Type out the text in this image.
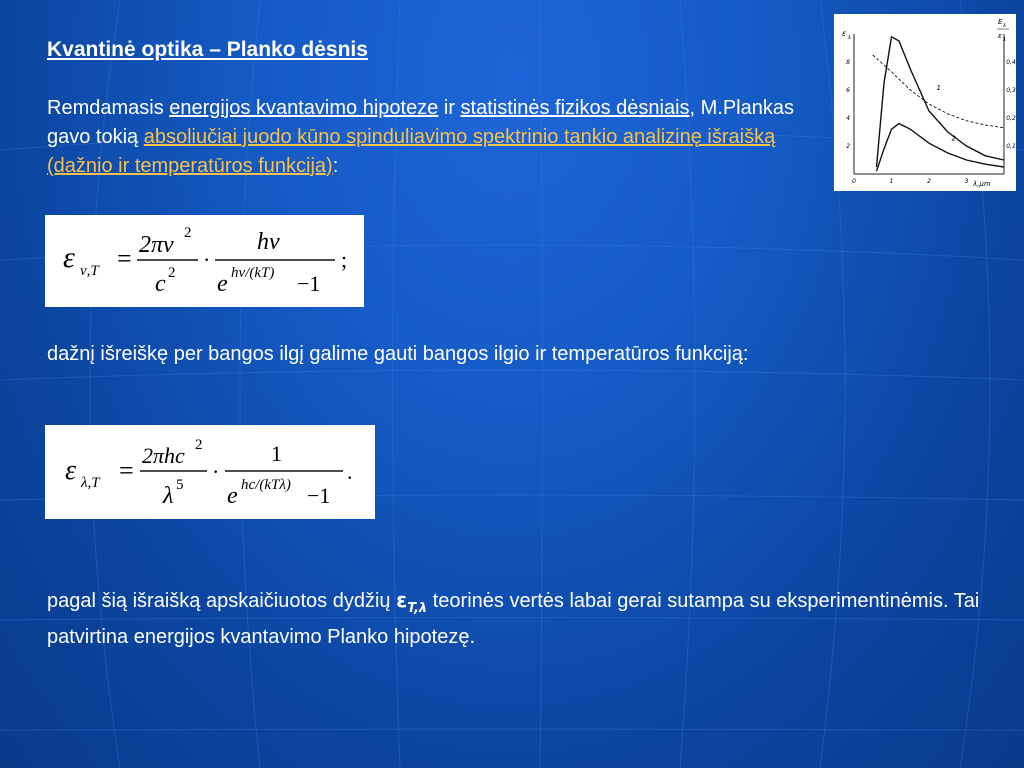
Kvantinė optika – Planko dėsnis

Remdamasis energijos kvantavimo hipoteze ir statistinės fizikos dėsniais, M.Plankas gavo tokią absoliučiai juodo kūno spinduliavimo spektrinio tankio analizinę išraišką (dažnio ir temperatūros funkcija):

ε ν,T = 2πν 2
c 2
·
hν
e hν/(kT) −1
;

dažnį išreiškę per bangos ilgį galime gauti bangos ilgio ir temperatūros funkciją:

ε λ,T =
2πhc 2
λ 5
·
1
e hc/(kTλ) −1
.

pagal šią išraišką apskaičiuotos dydžių $\varepsilon_{T,\lambda}$ teorinės vertės labai gerai sutampa su eksperimentinėmis. Tai patvirtina energijos kvantavimo Planko hipotezę.

ε λ
E λ
ε λ
λ,μm
0	1	2	3
2
4
6
8
0,1
0,2
0,3
0,4
1
2
